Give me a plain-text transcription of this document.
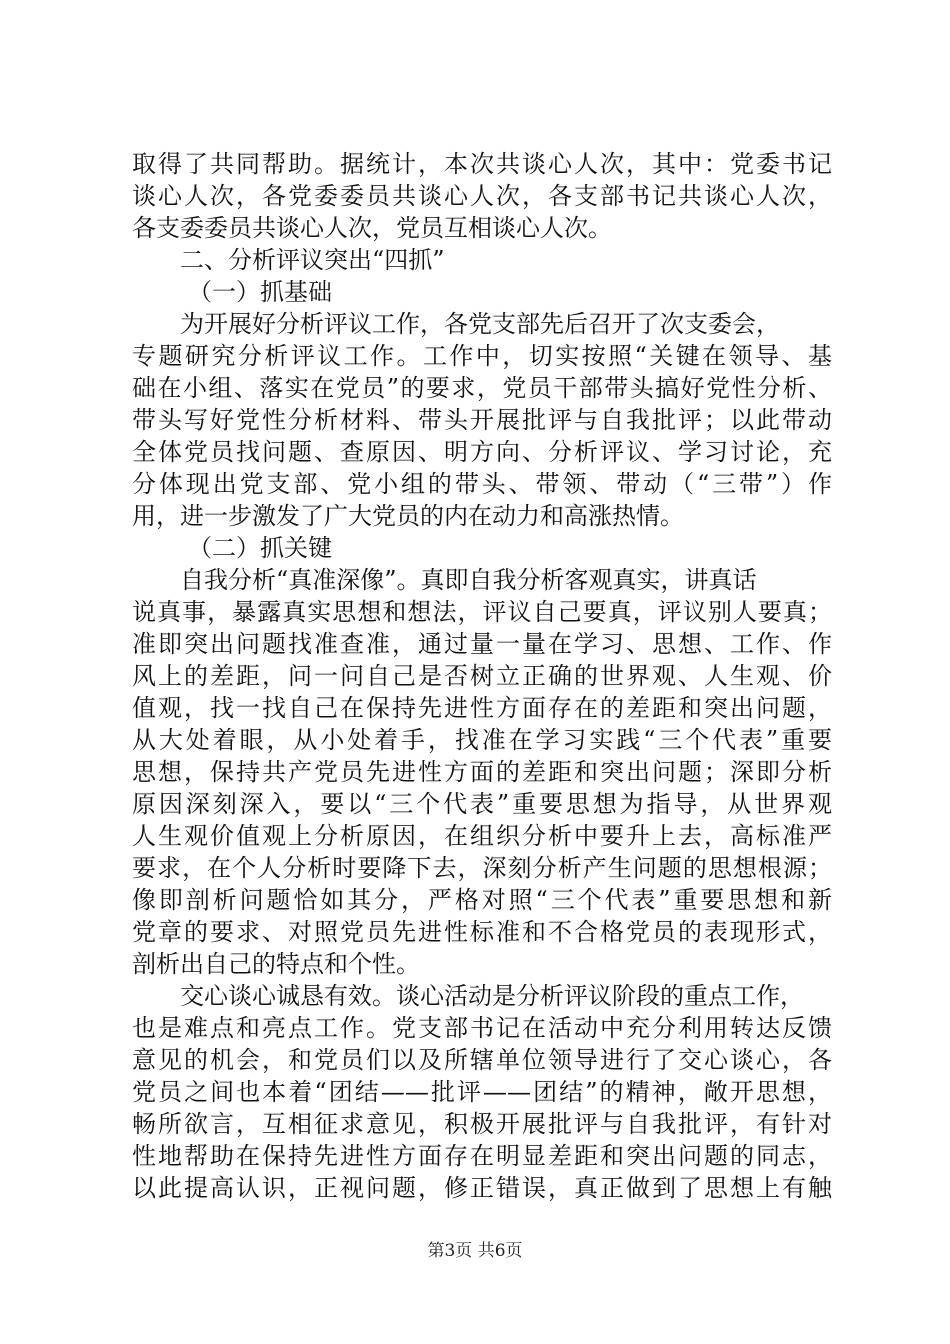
取得了共同帮助。据统计，本次共谈心人次，其中：党委书记
谈心人次，各党委委员共谈心人次，各支部书记共谈心人次，
各支委委员共谈心人次，党员互相谈心人次。
二、分析评议突出“四抓”
（一）抓基础
为开展好分析评议工作，各党支部先后召开了次支委会，
专题研究分析评议工作。工作中，切实按照“关键在领导、基
础在小组、落实在党员”的要求，党员干部带头搞好党性分析、
带头写好党性分析材料、带头开展批评与自我批评；以此带动
全体党员找问题、查原因、明方向、分析评议、学习讨论，充
分体现出党支部、党小组的带头、带领、带动（“三带”）作
用，进一步激发了广大党员的内在动力和高涨热情。
（二）抓关键
自我分析“真准深像”。真即自我分析客观真实，讲真话
说真事，暴露真实思想和想法，评议自己要真，评议别人要真；
准即突出问题找准查准，通过量一量在学习、思想、工作、作
风上的差距，问一问自己是否树立正确的世界观、人生观、价
值观，找一找自己在保持先进性方面存在的差距和突出问题，
从大处着眼，从小处着手，找准在学习实践“三个代表”重要
思想，保持共产党员先进性方面的差距和突出问题；深即分析
原因深刻深入，要以“三个代表”重要思想为指导，从世界观
人生观价值观上分析原因，在组织分析中要升上去，高标准严
要求，在个人分析时要降下去，深刻分析产生问题的思想根源；
像即剖析问题恰如其分，严格对照“三个代表”重要思想和新
党章的要求、对照党员先进性标准和不合格党员的表现形式，
剖析出自己的特点和个性。
交心谈心诚恳有效。谈心活动是分析评议阶段的重点工作，
也是难点和亮点工作。党支部书记在活动中充分利用转达反馈
意见的机会，和党员们以及所辖单位领导进行了交心谈心，各
党员之间也本着“团结——批评——团结”的精神，敞开思想，
畅所欲言，互相征求意见，积极开展批评与自我批评，有针对
性地帮助在保持先进性方面存在明显差距和突出问题的同志，
以此提高认识，正视问题，修正错误，真正做到了思想上有触
第3页 共6页
